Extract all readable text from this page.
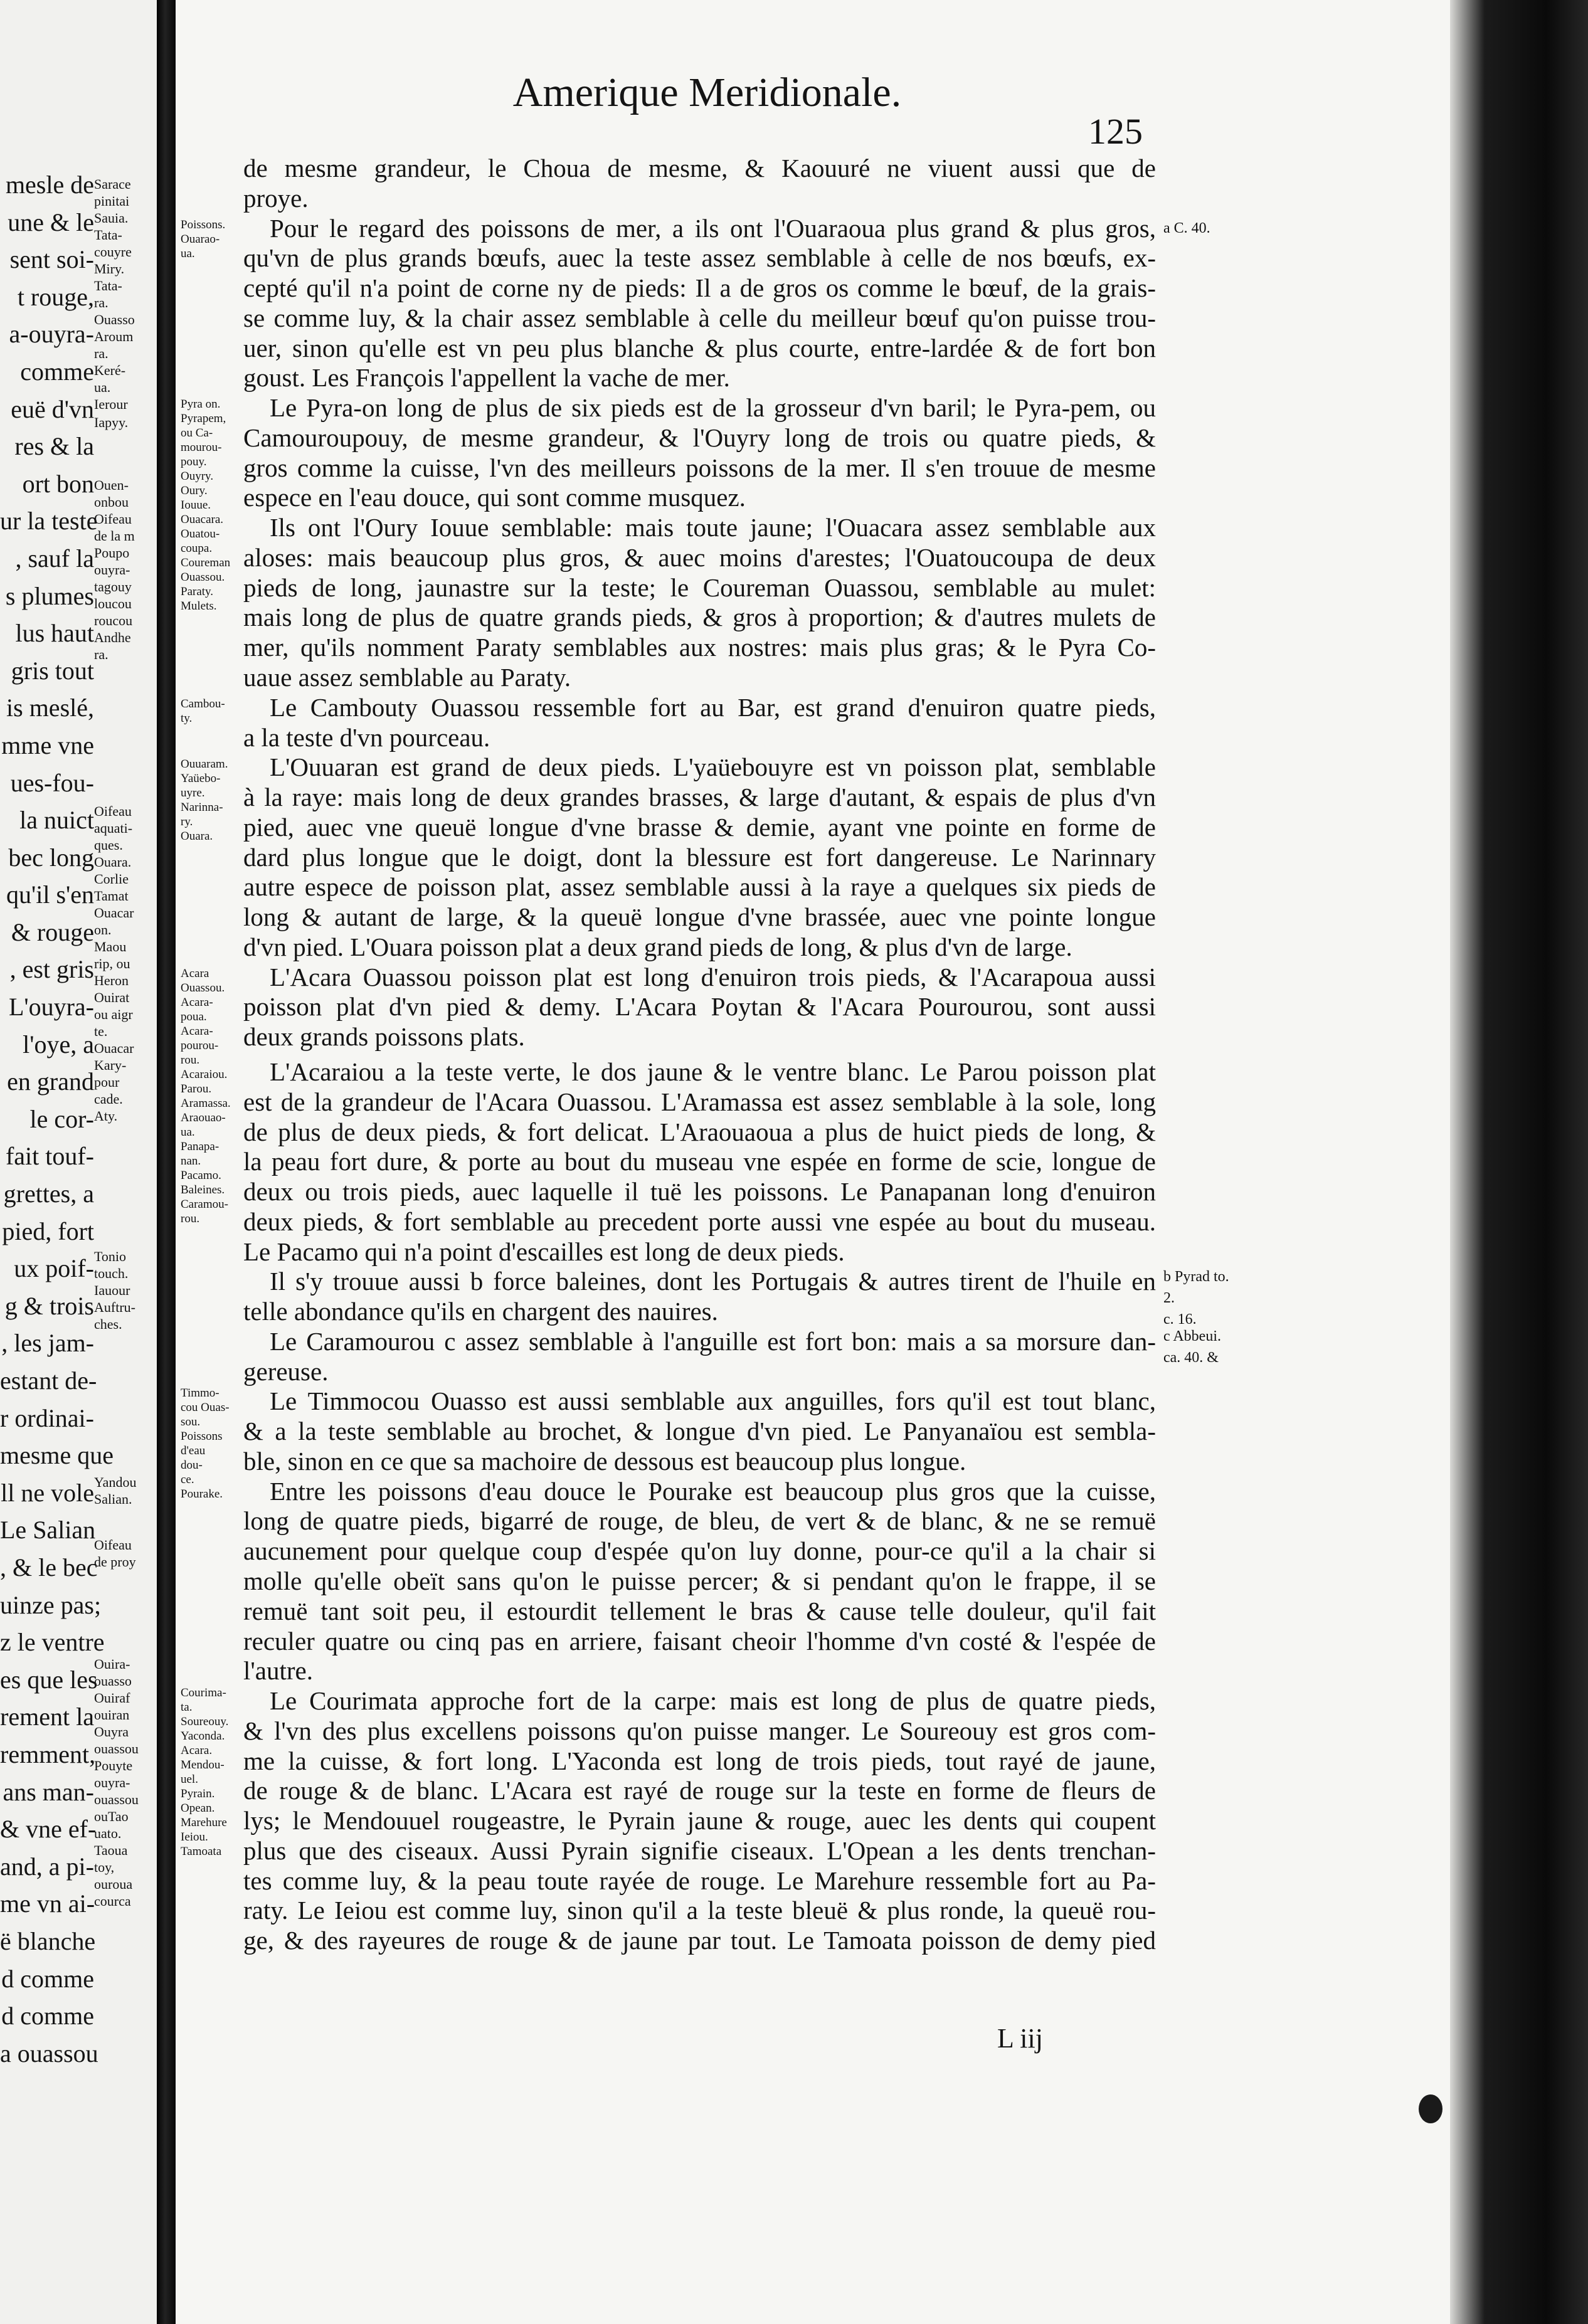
mesle de
une & le
sent soi-
t rouge,
a-ouyra-
comme
euë d'vn
res & la
ort bon
ur la teste
, sauf la
s plumes
lus haut
gris tout
is meslé,
mme vne
ues-fou-
la nuict
bec long
qu'il s'en
& rouge
, est gris
L'ouyra-
l'oye, a
en grand
le cor-
fait touf-
grettes, a
pied, fort
ux poif-
g & trois
, les jam-
estant de-
r ordinai-
mesme que
ll ne vole
Le Salian
, & le bec
uinze pas;
z le ventre
es que les
rement la
remment,
ans man-
& vne ef-
and, a pi-
me vn ai-
ë blanche
d comme
d comme
a ouassou
Sarace
pinitai
Sauia.
Tata-
couyre
Miry.
Tata-
ra.
Ouasso
Aroum
ra.
Keré-
ua.
Ierour
Iapyy.
Ouen-
onbou
Oifeau
de la m
Poupo
ouyra-
tagouy
loucou
roucou
Andhe
ra.
Oifeau
aquati-
ques.
Ouara.
Corlie
Tamat
Ouacar
on.
Maou
rip, ou
Heron
Ouirat
ou aigr
te.
Ouacar
Kary-
pour
cade.
Aty.
Tonio
touch.
Iauour
Auftru-
ches.
Yandou
Salian.
Oifeau
de proy
Ouira-
ouasso
Ouiraf
ouiran
Ouyra
ouassou
Pouyte
ouyra-
ouassou
ouTao
uato.
Taoua
toy,
ouroua
courca
Amerique Meridionale.
125
Poissons.
Ouarao-
ua.
Pyra on.
Pyrapem,
ou Ca-
mourou-
pouy.
Ouyry.
Oury.
Iouue.
Ouacara.
Ouatou-
coupa.
Coureman
Ouassou.
Paraty.
Mulets.
Cambou-
ty.
Ouuaram.
Yaüebo-
uyre.
Narinna-
ry.
Ouara.
Acara
Ouassou.
Acara-
poua.
Acara-
pourou-
rou.
Acaraiou.
Parou.
Aramassa.
Araouao-
ua.
Panapa-
nan.
Pacamo.
Baleines.
Caramou-
rou.
Timmo-
cou Ouas-
sou.
Poissons
d'eau dou-
ce.
Pourake.
Courima-
ta.
Soureouy.
Yaconda.
Acara.
Mendou-
uel.
Pyrain.
Opean.
Marehure
Ieiou.
Tamoata
de mesme grandeur, le Choua de mesme, & Kaouuré ne viuent aussi que de
proye.
Pour le regard des poissons de mer, a ils ont l'Ouaraoua plus grand & plus gros,
qu'vn de plus grands bœufs, auec la teste assez semblable à celle de nos bœufs, ex-
cepté qu'il n'a point de corne ny de pieds: Il a de gros os comme le bœuf, de la grais-
se comme luy, & la chair assez semblable à celle du meilleur bœuf qu'on puisse trou-
uer, sinon qu'elle est vn peu plus blanche & plus courte, entre-lardée & de fort bon
goust. Les François l'appellent la vache de mer.
Le Pyra-on long de plus de six pieds est de la grosseur d'vn baril; le Pyra-pem, ou
Camouroupouy, de mesme grandeur, & l'Ouyry long de trois ou quatre pieds, &
gros comme la cuisse, l'vn des meilleurs poissons de la mer. Il s'en trouue de mesme
espece en l'eau douce, qui sont comme musquez.
Ils ont l'Oury Iouue semblable: mais toute jaune; l'Ouacara assez semblable aux
aloses: mais beaucoup plus gros, & auec moins d'arestes; l'Ouatoucoupa de deux
pieds de long, jaunastre sur la teste; le Coureman Ouassou, semblable au mulet:
mais long de plus de quatre grands pieds, & gros à proportion; & d'autres mulets de
mer, qu'ils nomment Paraty semblables aux nostres: mais plus gras; & le Pyra Co-
uaue assez semblable au Paraty.
Le Cambouty Ouassou ressemble fort au Bar, est grand d'enuiron quatre pieds,
a la teste d'vn pourceau.
L'Ouuaran est grand de deux pieds. L'yaüebouyre est vn poisson plat, semblable
à la raye: mais long de deux grandes brasses, & large d'autant, & espais de plus d'vn
pied, auec vne queuë longue d'vne brasse & demie, ayant vne pointe en forme de
dard plus longue que le doigt, dont la blessure est fort dangereuse. Le Narinnary
autre espece de poisson plat, assez semblable aussi à la raye a quelques six pieds de
long & autant de large, & la queuë longue d'vne brassée, auec vne pointe longue
d'vn pied. L'Ouara poisson plat a deux grand pieds de long, & plus d'vn de large.
L'Acara Ouassou poisson plat est long d'enuiron trois pieds, & l'Acarapoua aussi
poisson plat d'vn pied & demy. L'Acara Poytan & l'Acara Pourourou, sont aussi
deux grands poissons plats.
L'Acaraiou a la teste verte, le dos jaune & le ventre blanc. Le Parou poisson plat
est de la grandeur de l'Acara Ouassou. L'Aramassa est assez semblable à la sole, long
de plus de deux pieds, & fort delicat. L'Araouaoua a plus de huict pieds de long, &
la peau fort dure, & porte au bout du museau vne espée en forme de scie, longue de
deux ou trois pieds, auec laquelle il tuë les poissons. Le Panapanan long d'enuiron
deux pieds, & fort semblable au precedent porte aussi vne espée au bout du museau.
Le Pacamo qui n'a point d'escailles est long de deux pieds.
Il s'y trouue aussi b force baleines, dont les Portugais & autres tirent de l'huile en
telle abondance qu'ils en chargent des nauires.
Le Caramourou c assez semblable à l'anguille est fort bon: mais a sa morsure dan-
gereuse.
Le Timmocou Ouasso est aussi semblable aux anguilles, fors qu'il est tout blanc,
& a la teste semblable au brochet, & longue d'vn pied. Le Panyanaïou est sembla-
ble, sinon en ce que sa machoire de dessous est beaucoup plus longue.
Entre les poissons d'eau douce le Pourake est beaucoup plus gros que la cuisse,
long de quatre pieds, bigarré de rouge, de bleu, de vert & de blanc, & ne se remuë
aucunement pour quelque coup d'espée qu'on luy donne, pour-ce qu'il a la chair si
molle qu'elle obeït sans qu'on le puisse percer; & si pendant qu'on le frappe, il se
remuë tant soit peu, il estourdit tellement le bras & cause telle douleur, qu'il fait
reculer quatre ou cinq pas en arriere, faisant cheoir l'homme d'vn costé & l'espée de
l'autre.
Le Courimata approche fort de la carpe: mais est long de plus de quatre pieds,
& l'vn des plus excellens poissons qu'on puisse manger. Le Soureouy est gros com-
me la cuisse, & fort long. L'Yaconda est long de trois pieds, tout rayé de jaune,
de rouge & de blanc. L'Acara est rayé de rouge sur la teste en forme de fleurs de
lys; le Mendouuel rougeastre, le Pyrain jaune & rouge, auec les dents qui coupent
plus que des ciseaux. Aussi Pyrain signifie ciseaux. L'Opean a les dents trenchan-
tes comme luy, & la peau toute rayée de rouge. Le Marehure ressemble fort au Pa-
raty. Le Ieiou est comme luy, sinon qu'il a la teste bleuë & plus ronde, la queuë rou-
ge, & des rayeures de rouge & de jaune par tout. Le Tamoata poisson de demy pied
a C. 40.
b Pyrad to. 2.
c. 16.
c Abbeui.
ca. 40. &
L iij
